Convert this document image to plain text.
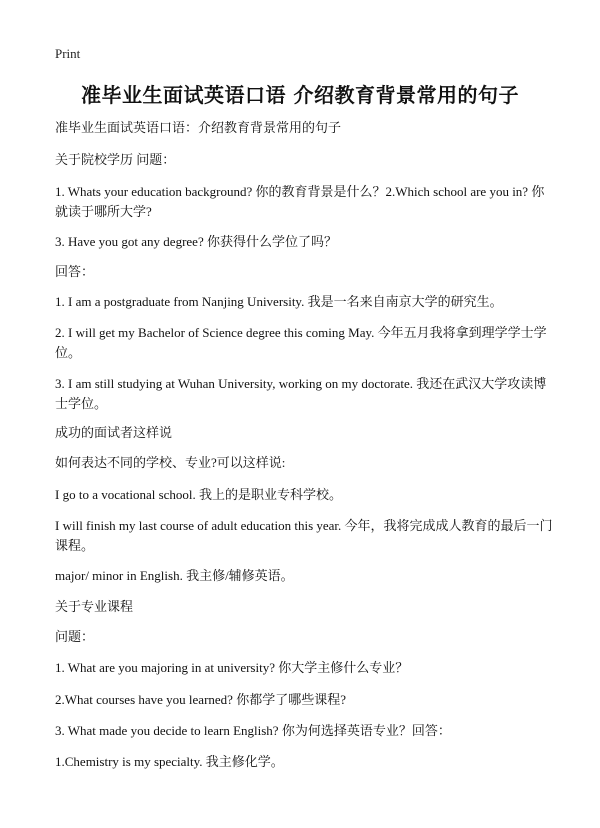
Print
准毕业生面试英语口语 介绍教育背景常用的句子
准毕业生面试英语口语：介绍教育背景常用的句子
关于院校学历 问题：
1. Whats your education background? 你的教育背景是什么？2.Which school are you in? 你就读于哪所大学?
3. Have you got any degree? 你获得什么学位了吗？
回答：
1. I am a postgraduate from Nanjing University. 我是一名来自南京大学的研究生。
2. I will get my Bachelor of Science degree this coming May. 今年五月我将拿到理学学士学位。
3. I am still studying at Wuhan University, working on my doctorate. 我还在武汉大学攻读博士学位。
成功的面试者这样说
如何表达不同的学校、专业?可以这样说:
I go to a vocational school. 我上的是职业专科学校。
I will finish my last course of adult education this year. 今年，我将完成成人教育的最后一门课程。
major/ minor in English. 我主修/辅修英语。
关于专业课程
问题：
1. What are you majoring in at university? 你大学主修什么专业？
2.What courses have you learned? 你都学了哪些课程?
3. What made you decide to learn English? 你为何选择英语专业？回答：
1.Chemistry is my specialty. 我主修化学。
